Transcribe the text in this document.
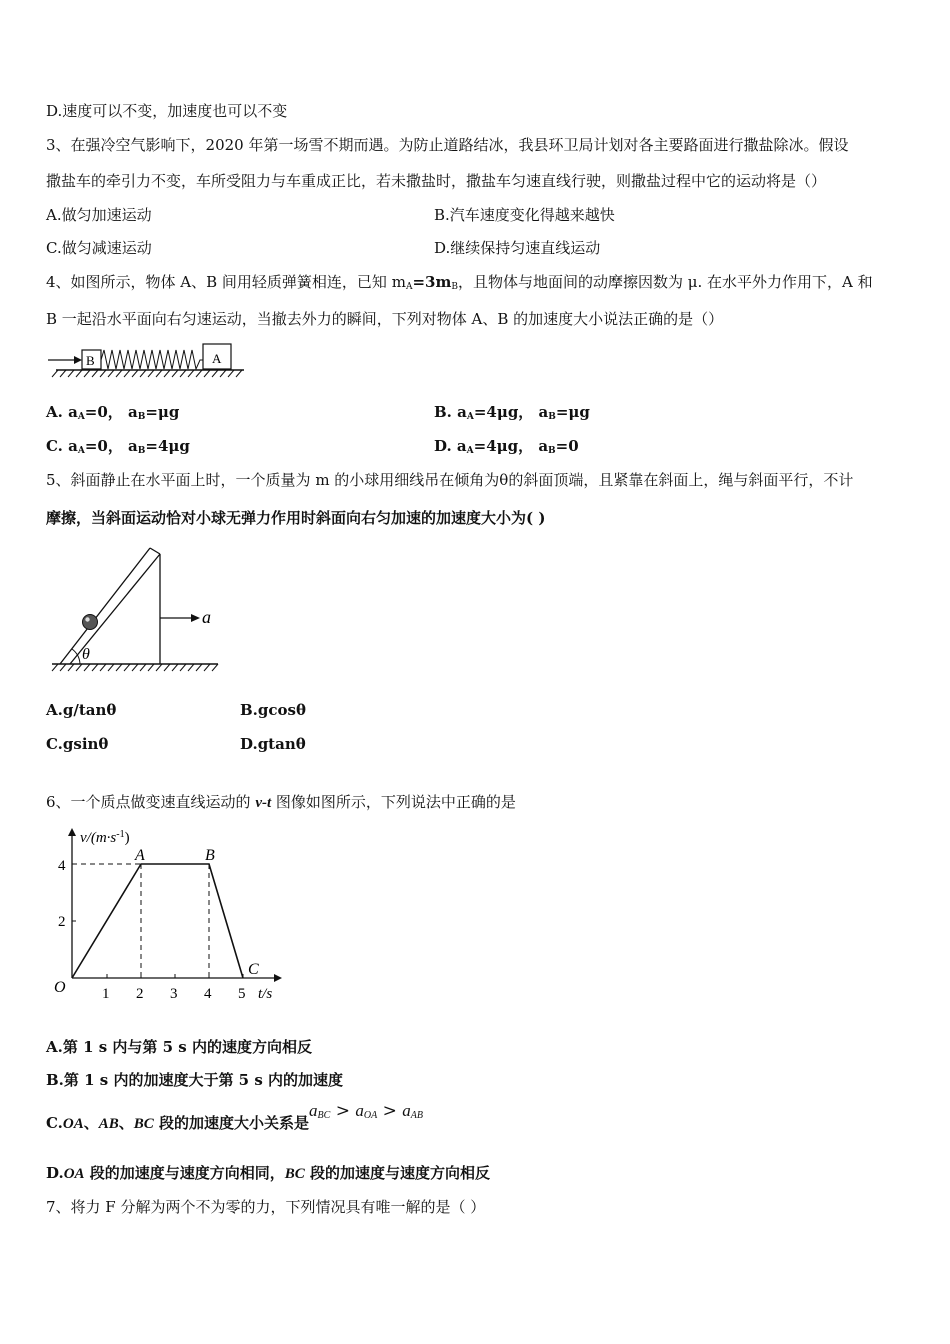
D.速度可以不变，加速度也可以不变
3、在强冷空气影响下，2020 年第一场雪不期而遇。为防止道路结冰，我县环卫局计划对各主要路面进行撒盐除冰。假设
撒盐车的牵引力不变，车所受阻力与车重成正比，若未撒盐时，撒盐车匀速直线行驶，则撒盐过程中它的运动将是（）
A.做匀加速运动	B.汽车速度变化得越来越快
C.做匀减速运动	D.继续保持匀速直线运动
4、如图所示，物体 A、B 间用轻质弹簧相连，已知 $m_A=3m_B$，且物体与地面间的动摩擦因数为 μ. 在水平外力作用下，A 和
B 一起沿水平面向右匀速运动，当撤去外力的瞬间，下列对物体 A、B 的加速度大小说法正确的是（）
B	A
A. $a_A=0$， $a_B=\mu g$	B. $a_A=4\mu g$， $a_B=\mu g$
C. $a_A=0$， $a_B=4\mu g$	D. $a_A=4\mu g$， $a_B=0$
5、斜面静止在水平面上时，一个质量为 m 的小球用细线吊在倾角为θ的斜面顶端，且紧靠在斜面上，绳与斜面平行，不计
摩擦，当斜面运动恰对小球无弹力作用时斜面向右匀加速的加速度大小为( )
θ
a
A.g/tanθ	B.gcosθ
C.gsinθ	D.gtanθ
6、一个质点做变速直线运动的 v-t 图像如图所示，下列说法中正确的是
$v/(m\cdot s^{-1})$
4
2
1 2 3 4 5 t/s
O
A	B
C
A.第 1 s 内与第 5 s 内的速度方向相反
B.第 1 s 内的加速度大于第 5 s 内的加速度
C.OA、AB、BC 段的加速度大小关系是$a_{BC} > a_{OA} > a_{AB}$
D.OA 段的加速度与速度方向相同，BC 段的加速度与速度方向相反
7、将力 F 分解为两个不为零的力，下列情况具有唯一解的是（ ）
